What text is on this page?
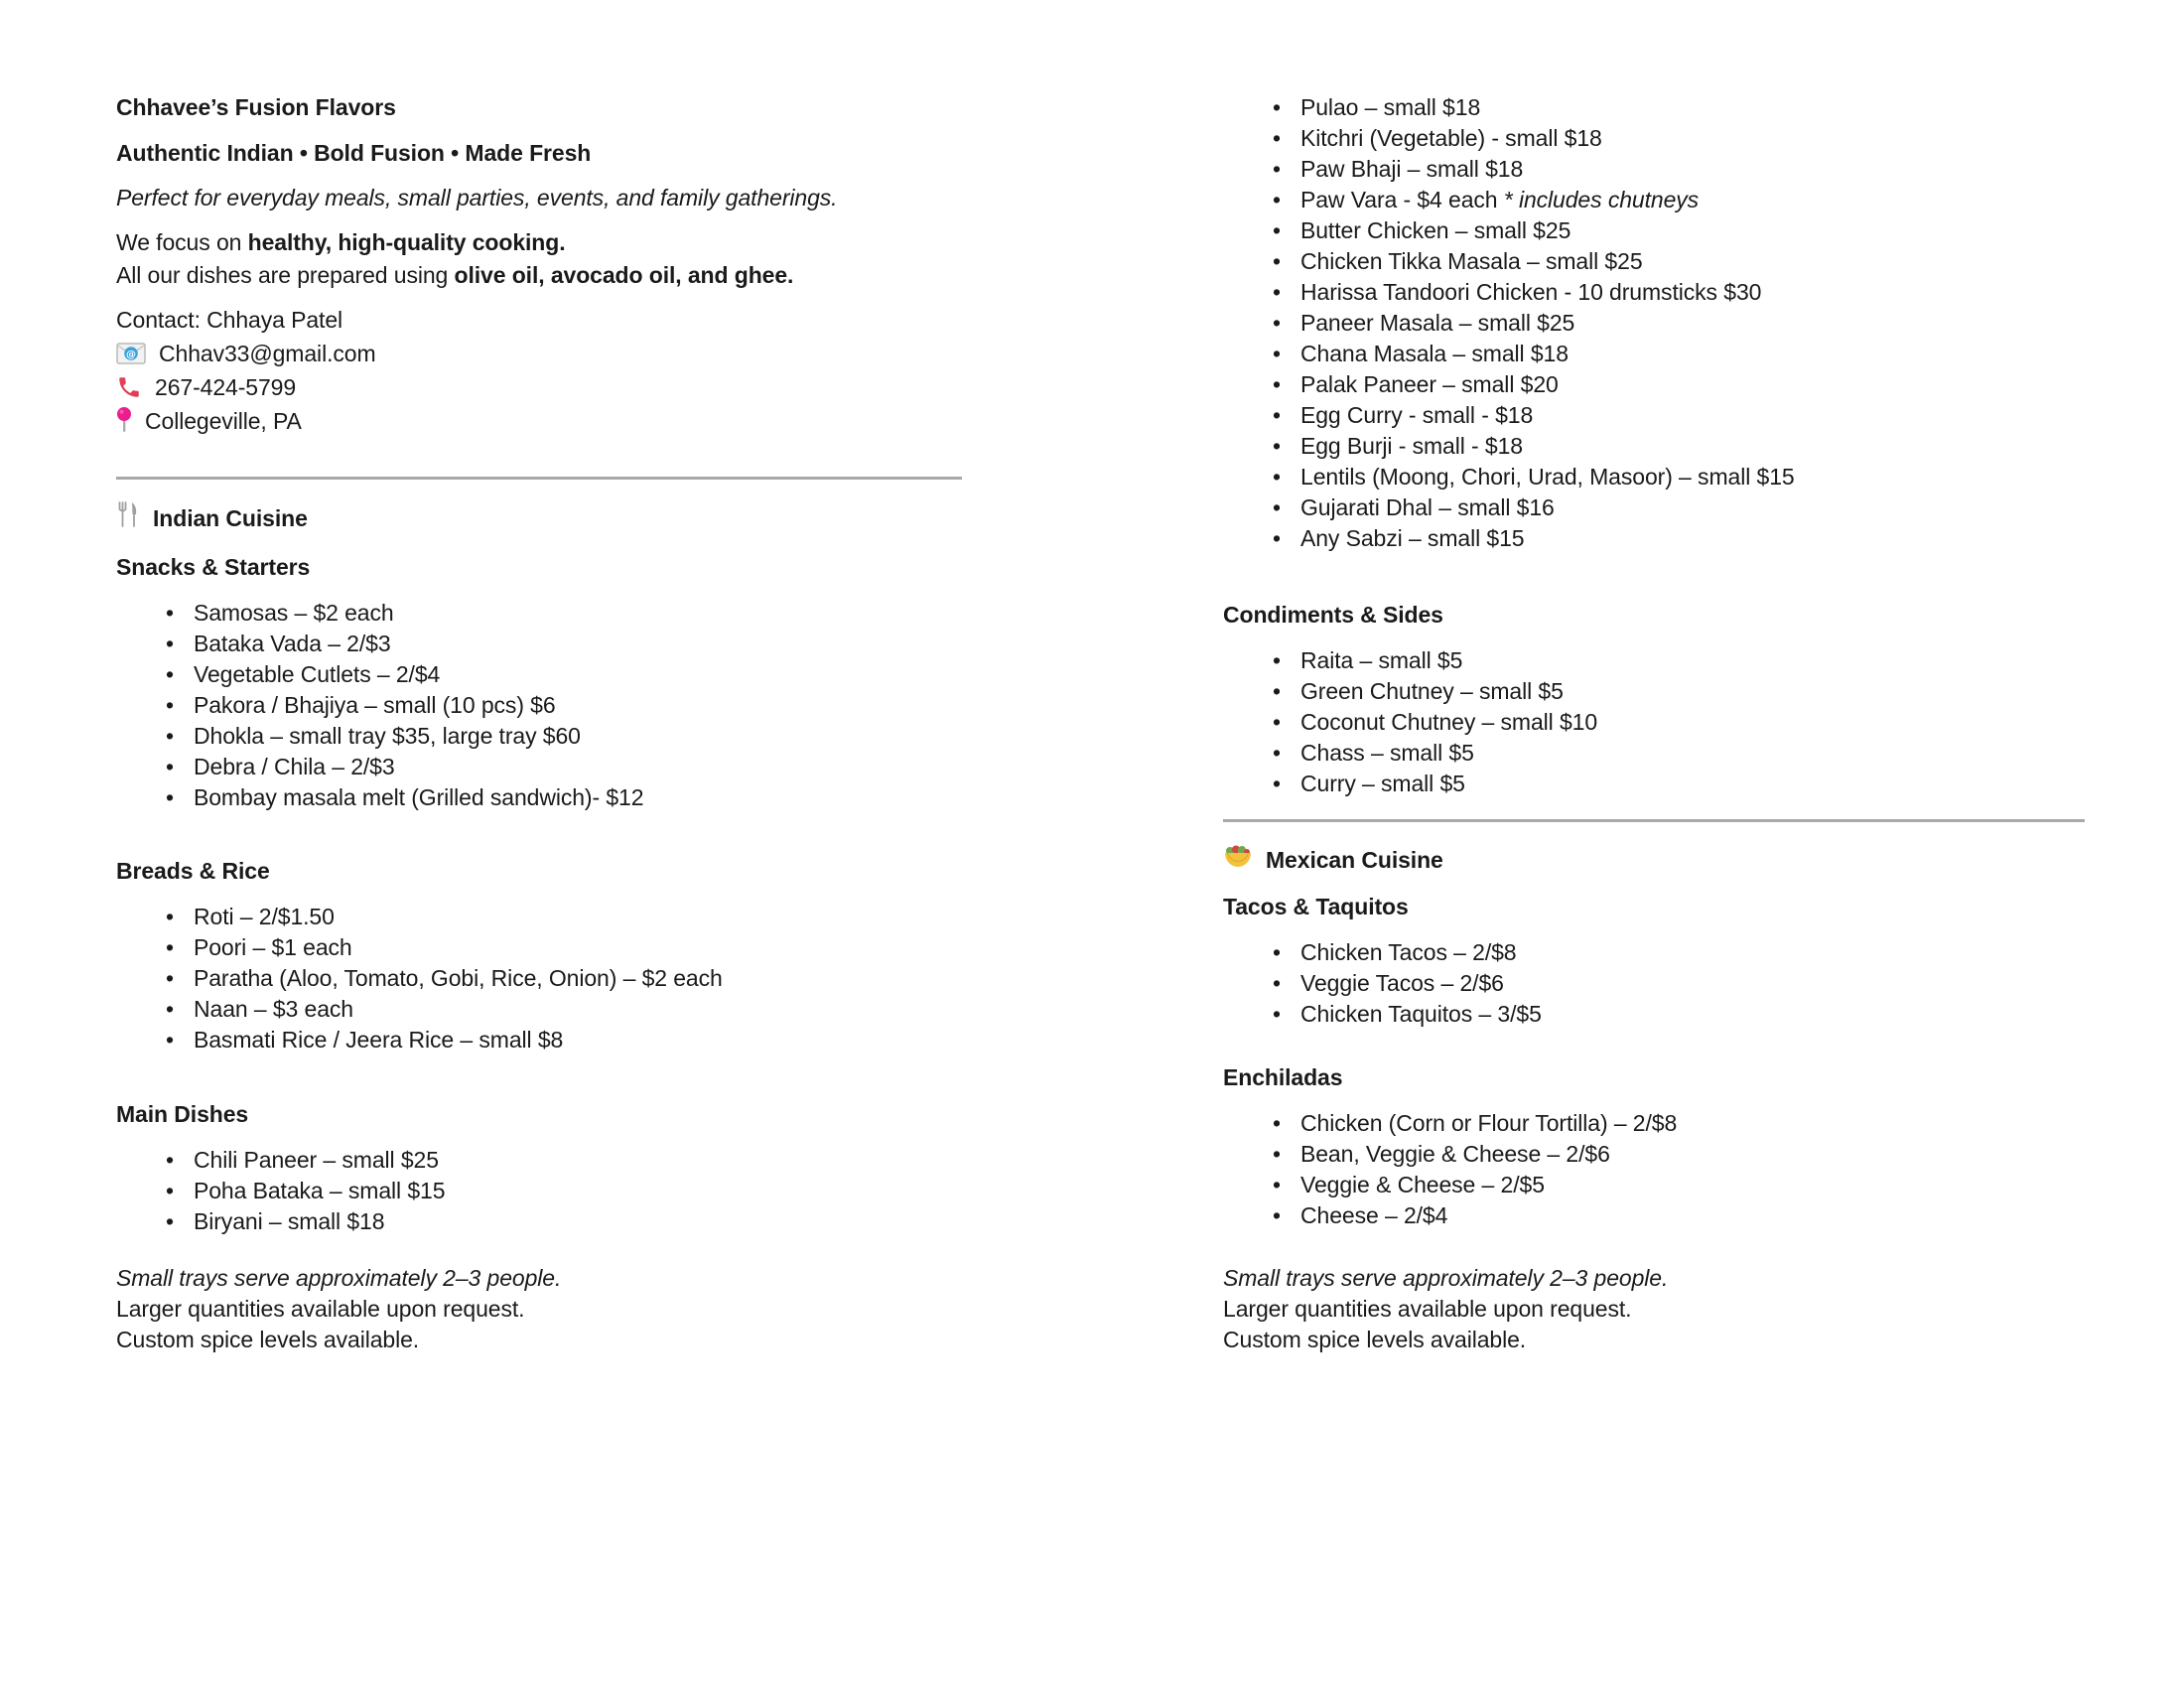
Chhavee’s Fusion Flavors

Authentic Indian • Bold Fusion • Made Fresh

Perfect for everyday meals, small parties, events, and family gatherings.

We focus on healthy, high-quality cooking.

All our dishes are prepared using olive oil, avocado oil, and ghee.

Contact: Chhaya Patel

@ Chhav33@gmail.com
267-424-5799
Collegeville, PA
Indian Cuisine

Snacks & Starters

• Samosas – $2 each
• Bataka Vada – 2/$3
• Vegetable Cutlets – 2/$4
• Pakora / Bhajiya – small (10 pcs) $6
• Dhokla – small tray $35, large tray $60
• Debra / Chila – 2/$3
• Bombay masala melt (Grilled sandwich)- $12

Breads & Rice

• Roti – 2/$1.50
• Poori – $1 each
• Paratha (Aloo, Tomato, Gobi, Rice, Onion) – $2 each
• Naan – $3 each
• Basmati Rice / Jeera Rice – small $8

Main Dishes

• Chili Paneer – small $25
• Poha Bataka – small $15
• Biryani – small $18

Small trays serve approximately 2–3 people.

Larger quantities available upon request.

Custom spice levels available.

• Pulao – small $18
• Kitchri (Vegetable) - small $18
• Paw Bhaji – small $18
• Paw Vara - $4 each * includes chutneys
• Butter Chicken – small $25
• Chicken Tikka Masala – small $25
• Harissa Tandoori Chicken - 10 drumsticks $30
• Paneer Masala – small $25
• Chana Masala – small $18
• Palak Paneer – small $20
• Egg Curry - small - $18
• Egg Burji - small - $18
• Lentils (Moong, Chori, Urad, Masoor) – small $15
• Gujarati Dhal – small $16
• Any Sabzi – small $15

Condiments & Sides

• Raita – small $5
• Green Chutney – small $5
• Coconut Chutney – small $10
• Chass – small $5
• Curry – small $5
Mexican Cuisine

Tacos & Taquitos

• Chicken Tacos – 2/$8
• Veggie Tacos – 2/$6
• Chicken Taquitos – 3/$5

Enchiladas

• Chicken (Corn or Flour Tortilla) – 2/$8
• Bean, Veggie & Cheese – 2/$6
• Veggie & Cheese – 2/$5
• Cheese – 2/$4

Small trays serve approximately 2–3 people.

Larger quantities available upon request.

Custom spice levels available.
